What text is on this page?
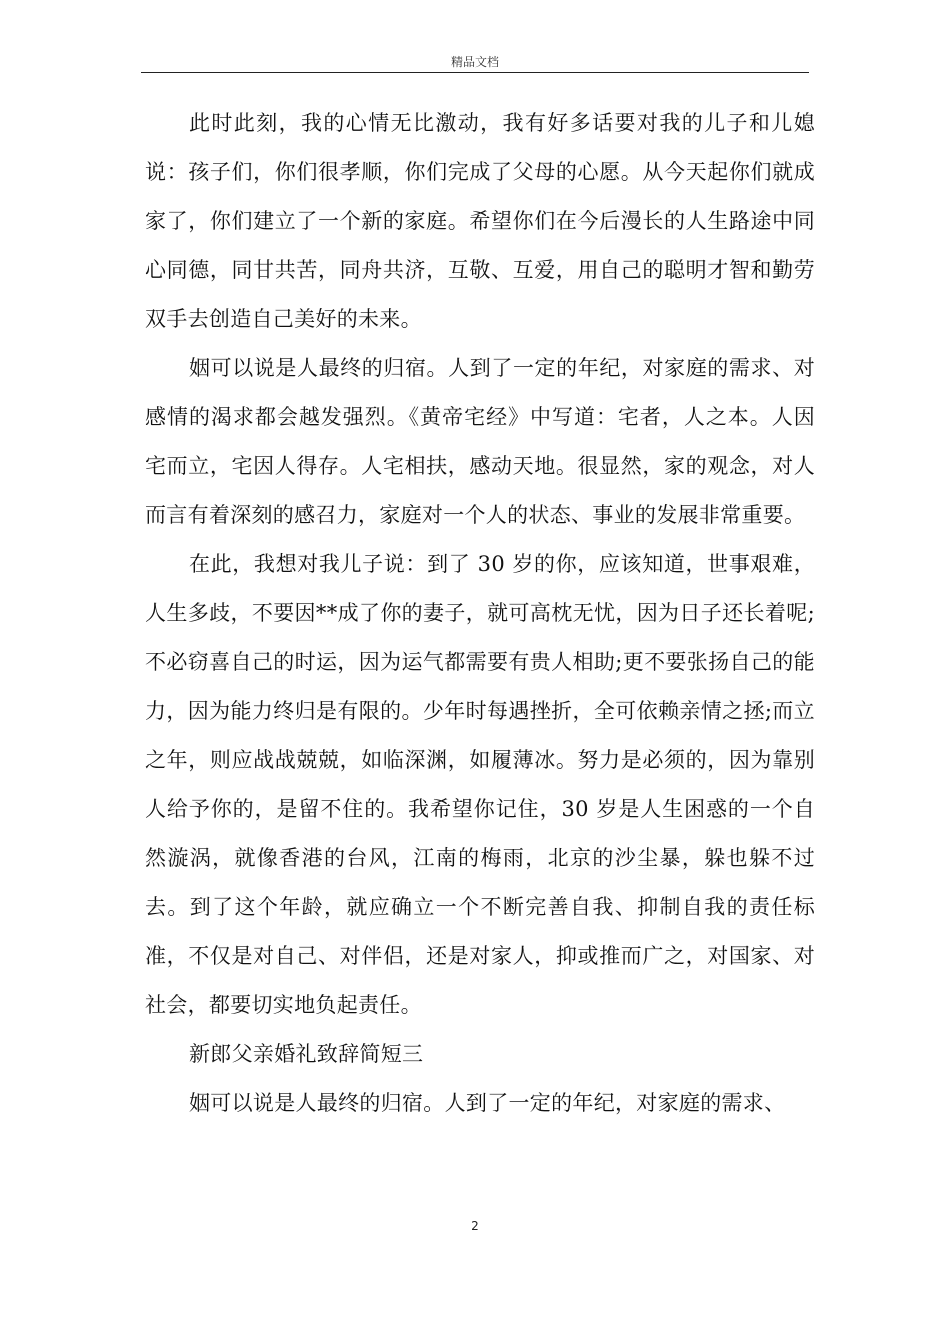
精品文档

此时此刻，我的心情无比激动，我有好多话要对我的儿子和儿媳说：孩子们，你们很孝顺，你们完成了父母的心愿。从今天起你们就成家了，你们建立了一个新的家庭。希望你们在今后漫长的人生路途中同心同德，同甘共苦，同舟共济，互敬、互爱，用自己的聪明才智和勤劳双手去创造自己美好的未来。

姻可以说是人最终的归宿。人到了一定的年纪，对家庭的需求、对感情的渴求都会越发强烈。《黄帝宅经》中写道：宅者，人之本。人因宅而立，宅因人得存。人宅相扶，感动天地。很显然，家的观念，对人而言有着深刻的感召力，家庭对一个人的状态、事业的发展非常重要。

在此，我想对我儿子说：到了 30 岁的你，应该知道，世事艰难，人生多歧，不要因**成了你的妻子，就可高枕无忧，因为日子还长着呢;不必窃喜自己的时运，因为运气都需要有贵人相助;更不要张扬自己的能力，因为能力终归是有限的。少年时每遇挫折，全可依赖亲情之拯;而立之年，则应战战兢兢，如临深渊，如履薄冰。努力是必须的，因为靠别人给予你的，是留不住的。我希望你记住，30 岁是人生困惑的一个自然漩涡，就像香港的台风，江南的梅雨，北京的沙尘暴，躲也躲不过去。到了这个年龄，就应确立一个不断完善自我、抑制自我的责任标准，不仅是对自己、对伴侣，还是对家人，抑或推而广之，对国家、对社会，都要切实地负起责任。

新郎父亲婚礼致辞简短三

姻可以说是人最终的归宿。人到了一定的年纪，对家庭的需求、

2
